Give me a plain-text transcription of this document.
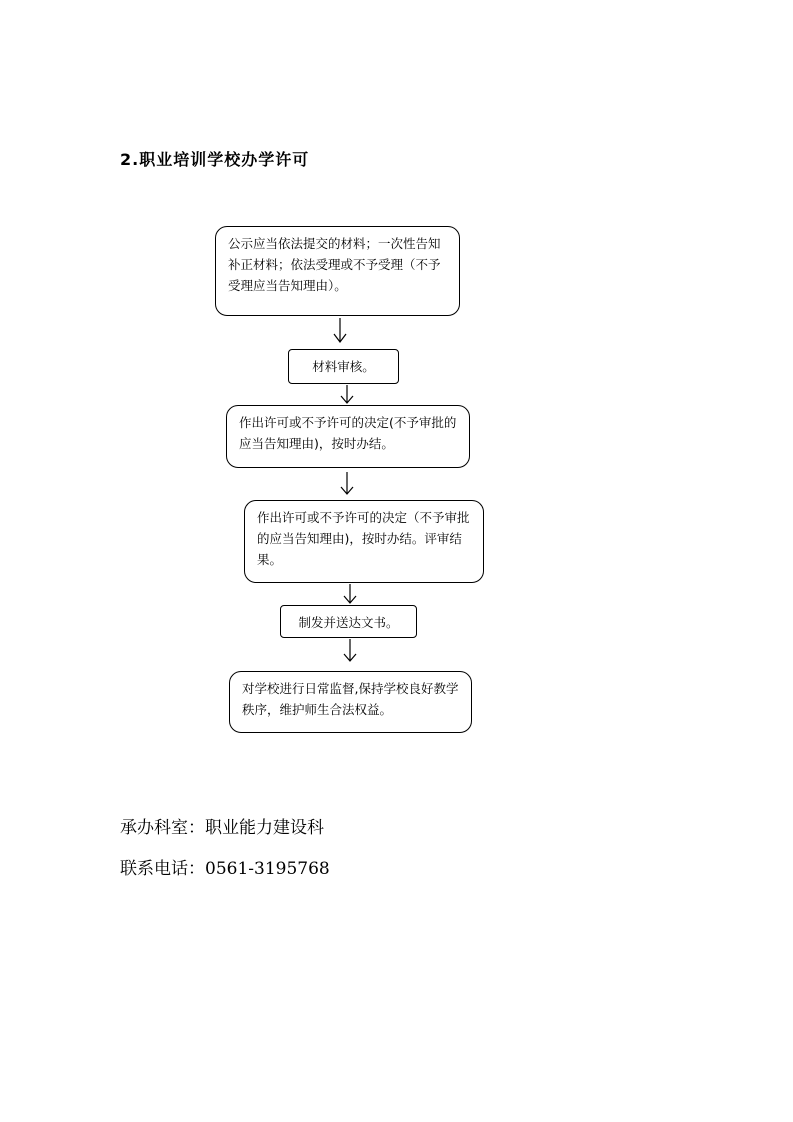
2.职业培训学校办学许可
公示应当依法提交的材料；一次性告知补正材料；依法受理或不予受理（不予受理应当告知理由）。
材料审核。
作出许可或不予许可的决定(不予审批的应当告知理由)，按时办结。
作出许可或不予许可的决定（不予审批的应当告知理由)，按时办结。评审结果。
制发并送达文书。
对学校进行日常监督,保持学校良好教学秩序，维护师生合法权益。
承办科室：职业能力建设科
联系电话：0561-3195768
